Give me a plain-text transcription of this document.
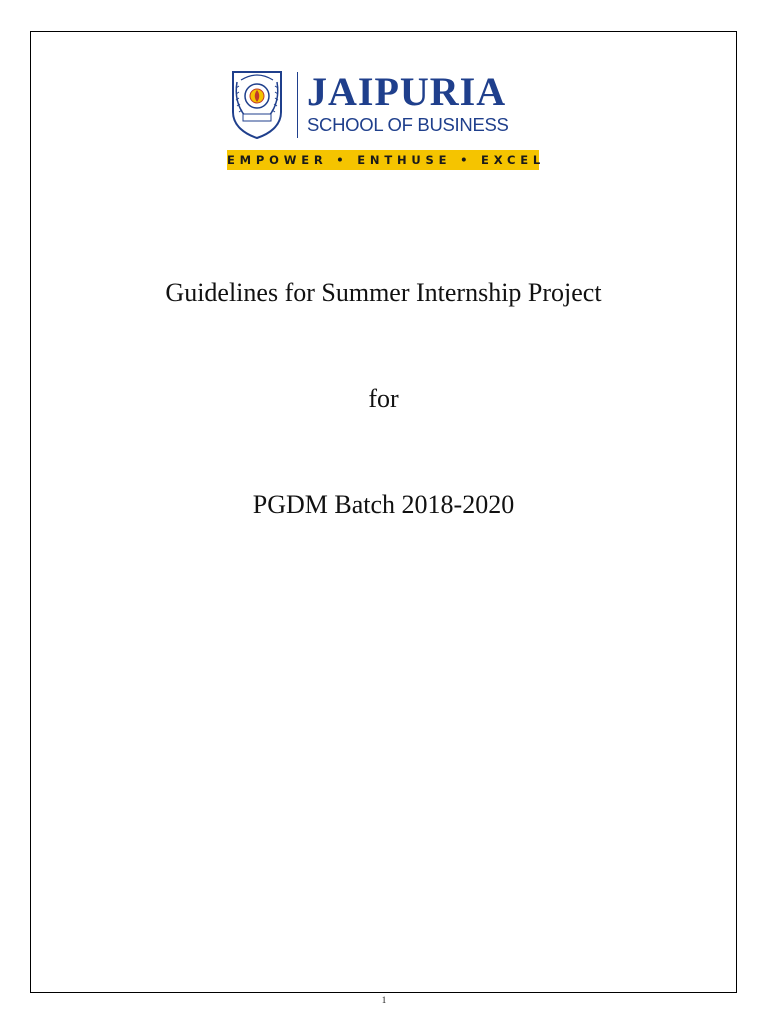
JAIPURIA
SCHOOL OF BUSINESS
EMPOWER • ENTHUSE • EXCEL
Guidelines for Summer Internship Project
for
PGDM Batch 2018-2020
1
